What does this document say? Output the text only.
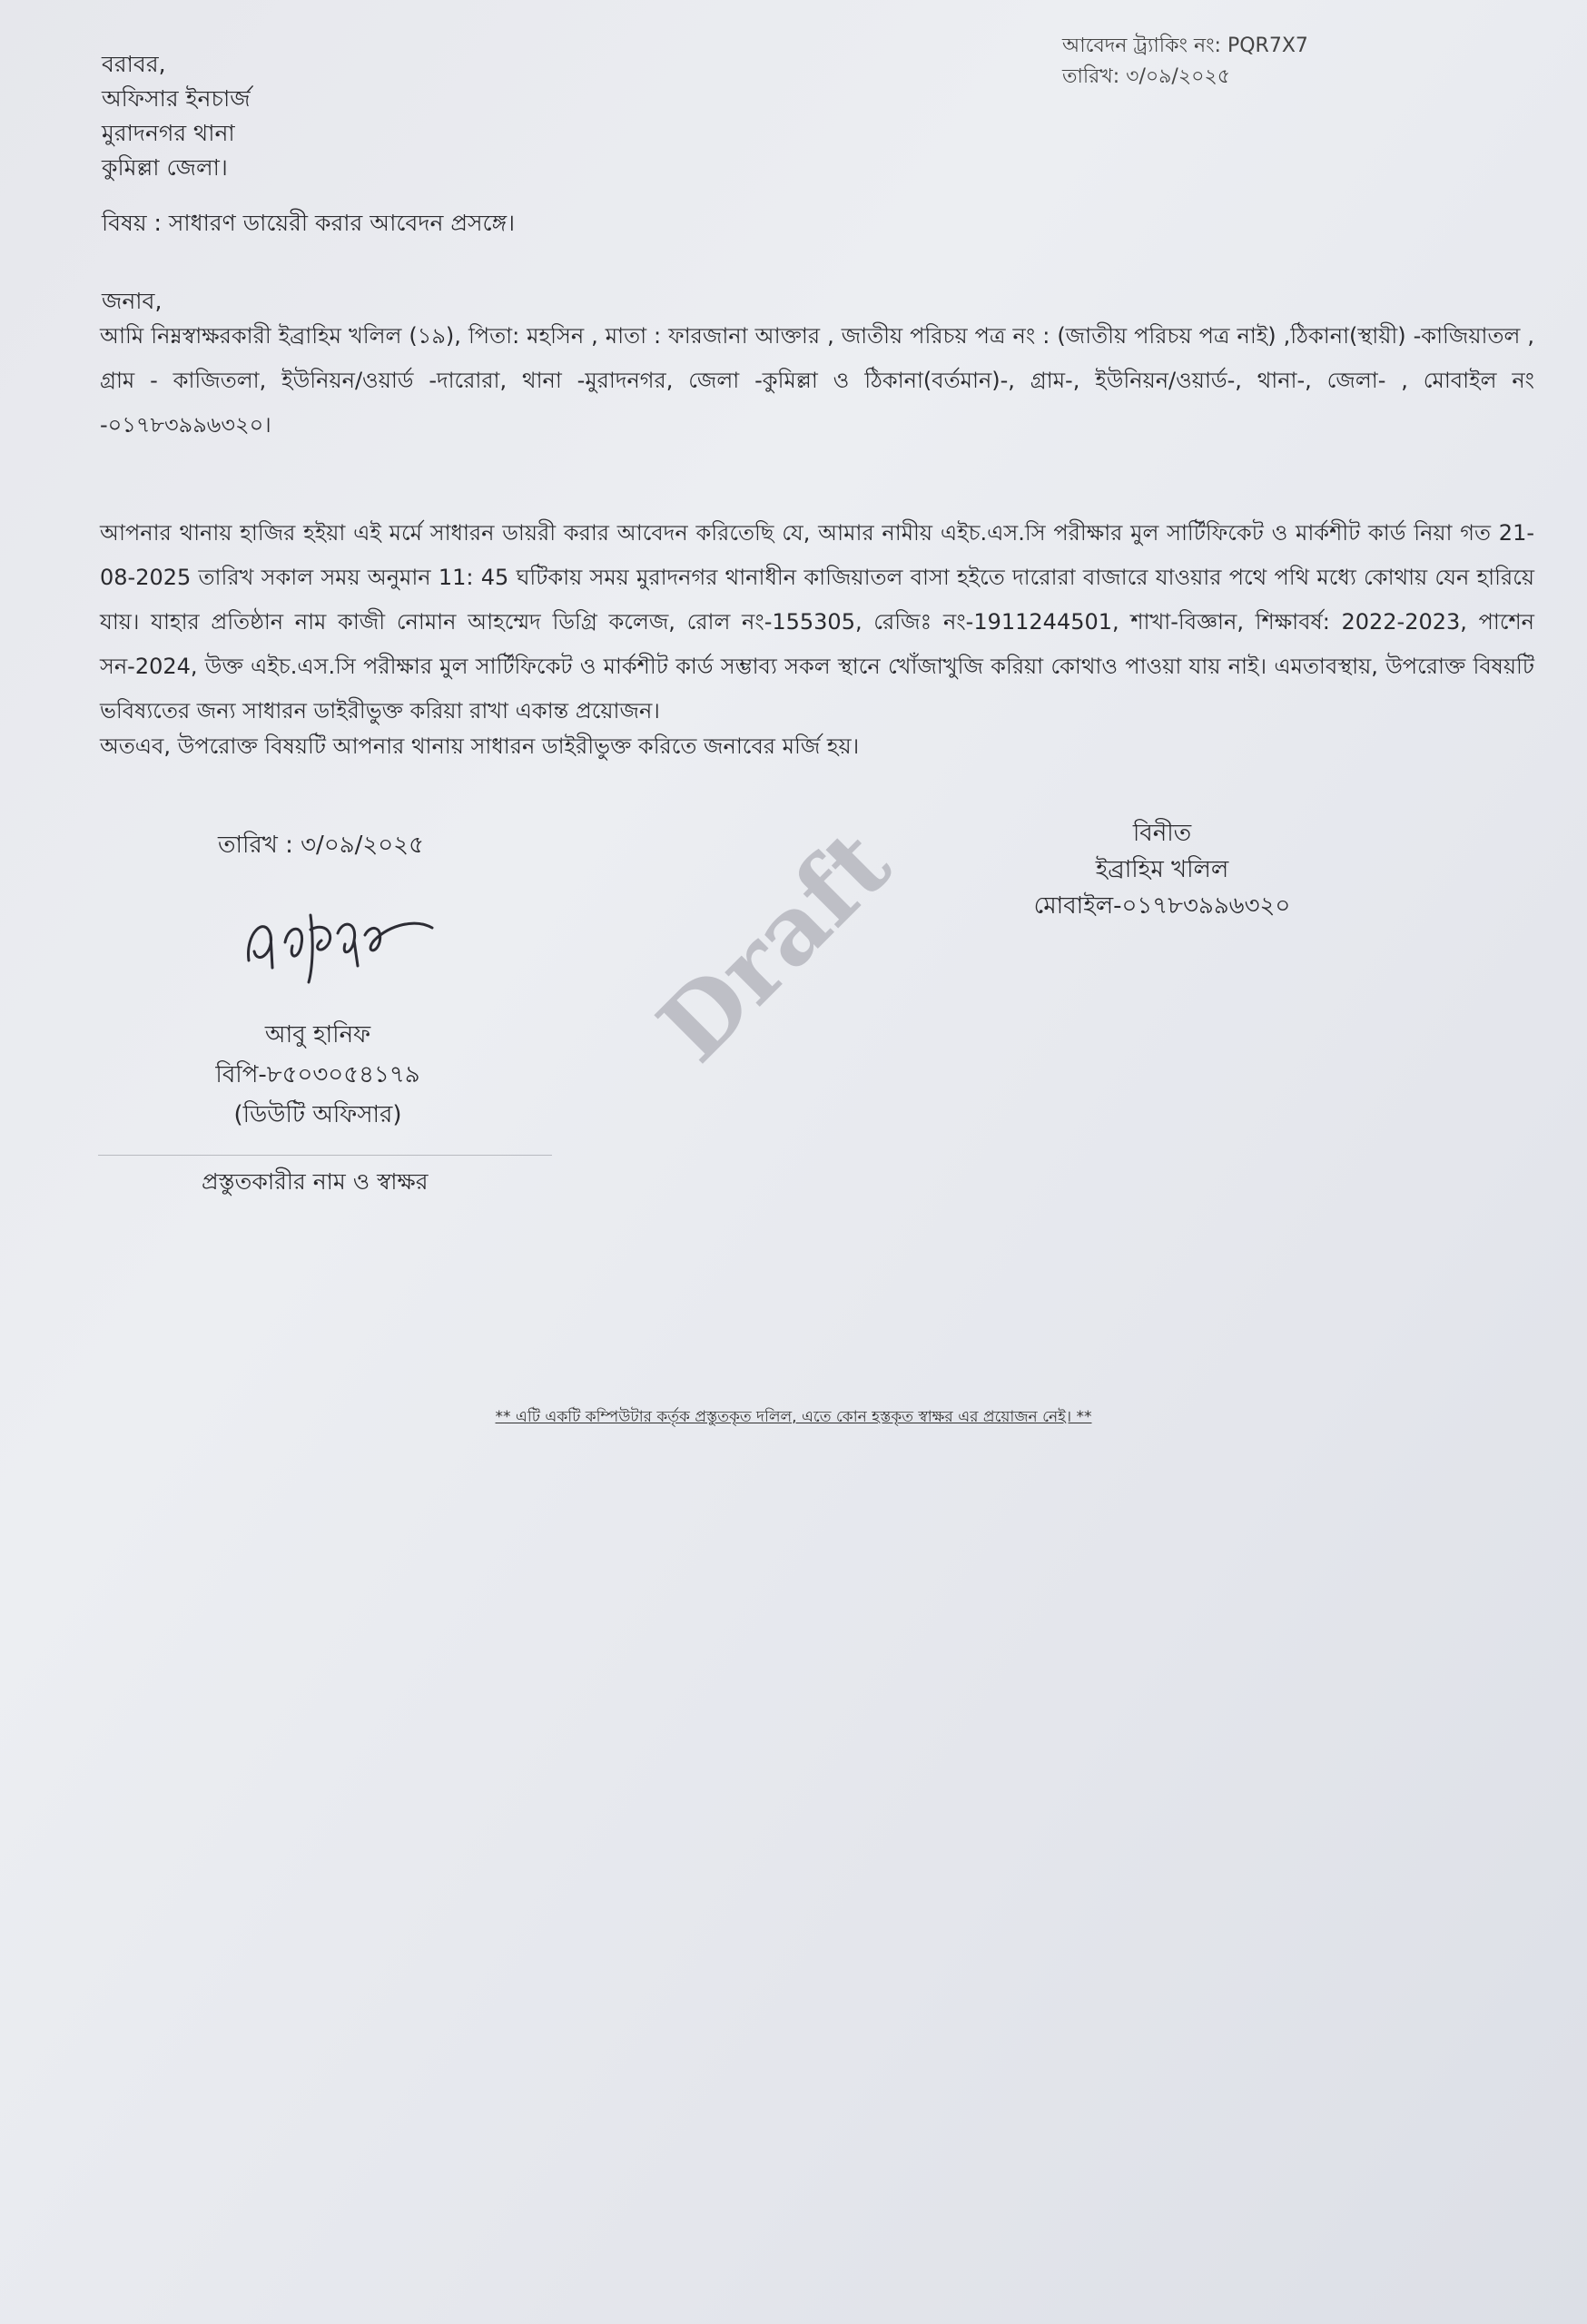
বরাবর,
অফিসার ইনচার্জ
মুরাদনগর থানা
কুমিল্লা জেলা।
আবেদন ট্র্যাকিং নং: PQR7X7
তারিখ: ৩/০৯/২০২৫
বিষয় : সাধারণ ডায়েরী করার আবেদন প্রসঙ্গে।
জনাব,

আমি নিম্নস্বাক্ষরকারী ইব্রাহিম খলিল (১৯), পিতা: মহসিন , মাতা : ফারজানা আক্তার , জাতীয় পরিচয় পত্র নং : (জাতীয় পরিচয় পত্র নাই) ,ঠিকানা(স্থায়ী) -কাজিয়াতল , গ্রাম - কাজিতলা, ইউনিয়ন/ওয়ার্ড -দারোরা, থানা -মুরাদনগর, জেলা -কুমিল্লা ও ঠিকানা(বর্তমান)-, গ্রাম-, ইউনিয়ন/ওয়ার্ড-, থানা-, জেলা- , মোবাইল নং -০১৭৮৩৯৯৬৩২০।

আপনার থানায় হাজির হইয়া এই মর্মে সাধারন ডায়রী করার আবেদন করিতেছি যে, আমার নামীয় এইচ.এস.সি পরীক্ষার মুল সার্টিফিকেট ও মার্কশীট কার্ড নিয়া গত 21-08-2025 তারিখ সকাল সময় অনুমান 11: 45 ঘটিকায় সময় মুরাদনগর থানাধীন কাজিয়াতল বাসা হইতে দারোরা বাজারে যাওয়ার পথে পথি মধ্যে কোথায় যেন হারিয়ে যায়। যাহার প্রতিষ্ঠান নাম কাজী নোমান আহম্মেদ ডিগ্রি কলেজ, রোল নং-155305, রেজিঃ নং-1911244501, শাখা-বিজ্ঞান, শিক্ষাবর্ষ: 2022-2023, পাশেন সন-2024, উক্ত এইচ.এস.সি পরীক্ষার মুল সার্টিফিকেট ও মার্কশীট কার্ড সম্ভাব্য সকল স্থানে খোঁজাখুজি করিয়া কোথাও পাওয়া যায় নাই। এমতাবস্থায়, উপরোক্ত বিষয়টি ভবিষ্যতের জন্য সাধারন ডাইরীভুক্ত করিয়া রাখা একান্ত প্রয়োজন।

অতএব, উপরোক্ত বিষয়টি আপনার থানায় সাধারন ডাইরীভুক্ত করিতে জনাবের মর্জি হয়।
তারিখ : ৩/০৯/২০২৫	বিনীত
ইব্রাহিম খলিল
মোবাইল-০১৭৮৩৯৯৬৩২০
আবু হানিফ
বিপি-৮৫০৩০৫৪১৭৯
(ডিউটি অফিসার)
প্রস্তুতকারীর নাম ও স্বাক্ষর
Draft
** এটি একটি কম্পিউটার কর্তৃক প্রস্তুতকৃত দলিল, এতে কোন হস্তকৃত স্বাক্ষর এর প্রয়োজন নেই। **
